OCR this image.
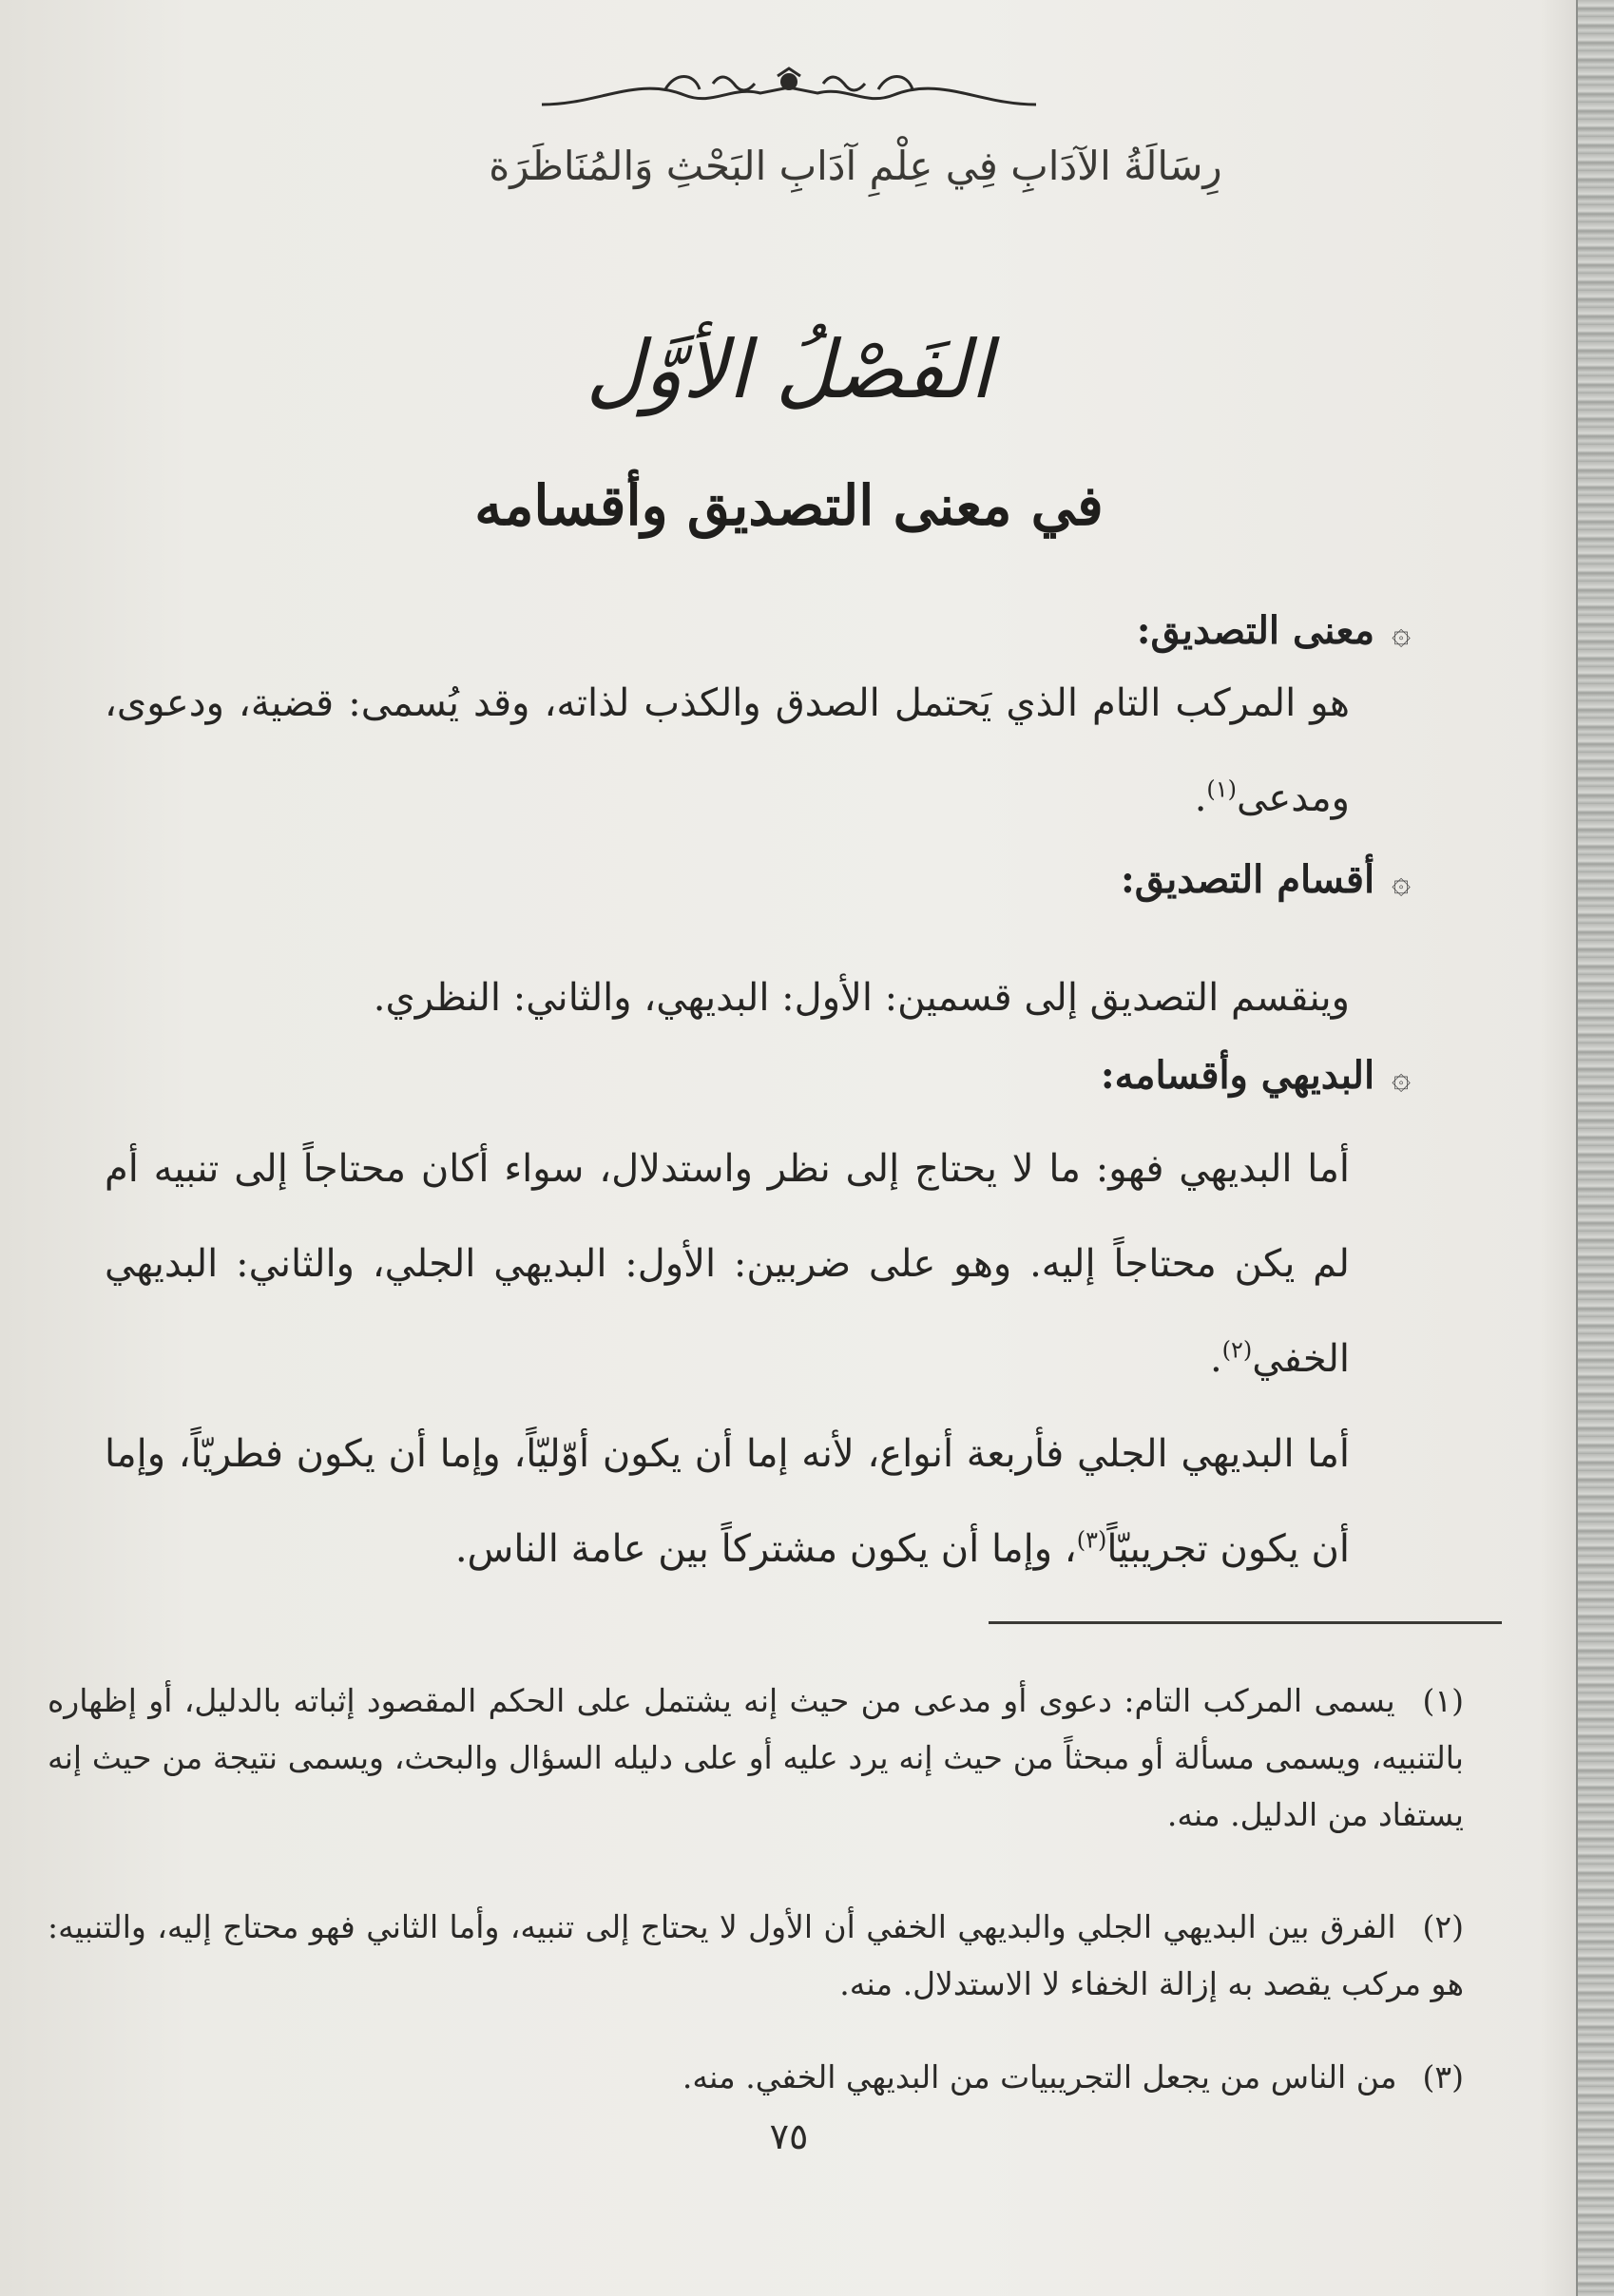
رِسَالَةُ الآدَابِ فِي عِلْمِ آدَابِ البَحْثِ وَالمُنَاظَرَة
الفَصْلُ الأوَّل
في معنى التصديق وأقسامه
۞معنى التصديق:
هو المركب التام الذي يَحتمل الصدق والكذب لذاته، وقد يُسمى: قضية، ودعوى، ومدعى$^{(١)}$.
۞أقسام التصديق:
وينقسم التصديق إلى قسمين: الأول: البديهي، والثاني: النظري.
۞البديهي وأقسامه:
أما البديهي فهو: ما لا يحتاج إلى نظر واستدلال، سواء أكان محتاجاً إلى تنبيه أم لم يكن محتاجاً إليه. وهو على ضربين: الأول: البديهي الجلي، والثاني: البديهي الخفي$^{(٢)}$.
أما البديهي الجلي فأربعة أنواع، لأنه إما أن يكون أوّليّاً، وإما أن يكون فطريّاً، وإما أن يكون تجريبيّاً$^{(٣)}$، وإما أن يكون مشتركاً بين عامة الناس.
(١) يسمى المركب التام: دعوى أو مدعى من حيث إنه يشتمل على الحكم المقصود إثباته بالدليل، أو إظهاره بالتنبيه، ويسمى مسألة أو مبحثاً من حيث إنه يرد عليه أو على دليله السؤال والبحث، ويسمى نتيجة من حيث إنه يستفاد من الدليل. منه.
(٢) الفرق بين البديهي الجلي والبديهي الخفي أن الأول لا يحتاج إلى تنبيه، وأما الثاني فهو محتاج إليه، والتنبيه: هو مركب يقصد به إزالة الخفاء لا الاستدلال. منه.
(٣) من الناس من يجعل التجريبيات من البديهي الخفي. منه.
٧٥
